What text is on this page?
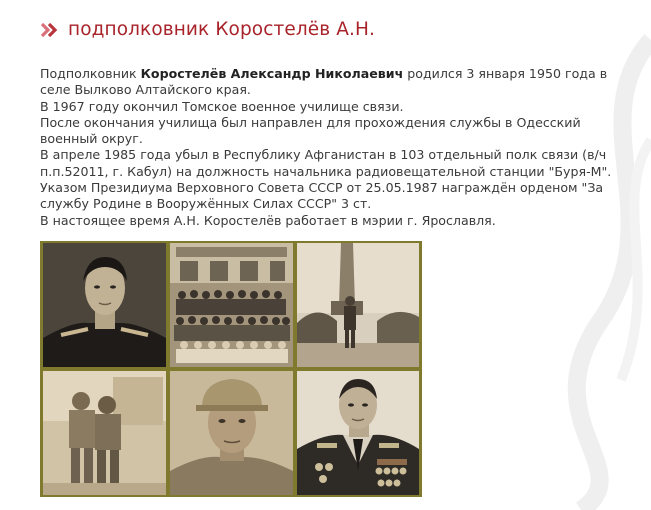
подполковник Коростелёв А.Н.

Подполковник Коростелёв Александр Николаевич родился 3 января 1950 года в селе Вылково Алтайского края.

В 1967 году окончил Томское военное училище связи.

После окончания училища был направлен для прохождения службы в Одесский военный округ.

В апреле 1985 года убыл в Республику Афганистан в 103 отдельный полк связи (в/ч п.п.52011, г. Кабул) на должность начальника радиовещательной станции "Буря-М".

Указом Президиума Верховного Совета СССР от 25.05.1987 награждён орденом "За службу Родине в Вооружённых Силах СССР" 3 ст.

В настоящее время А.Н. Коростелёв работает в мэрии г. Ярославля.
